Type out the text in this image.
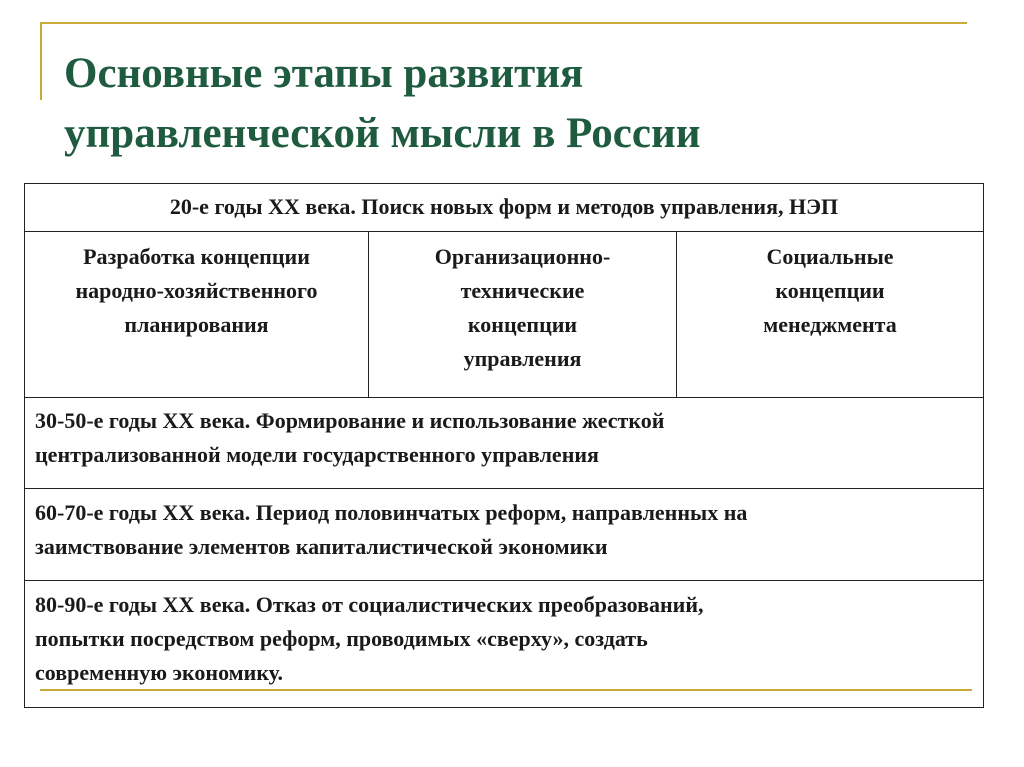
Основные этапы развития
управленческой мысли в России
20-е годы XX века. Поиск новых форм и методов управления, НЭП
Разработка концепции
народно-хозяйственного
планирования
Организационно-
технические
концепции
управления
Социальные
концепции
менеджмента
30-50-е годы XX века. Формирование и использование жесткой
централизованной модели государственного управления
60-70-е годы XX века. Период половинчатых реформ, направленных на
заимствование элементов капиталистической экономики
80-90-е годы XX века. Отказ от социалистических преобразований,
попытки посредством реформ, проводимых «сверху», создать
современную экономику.
